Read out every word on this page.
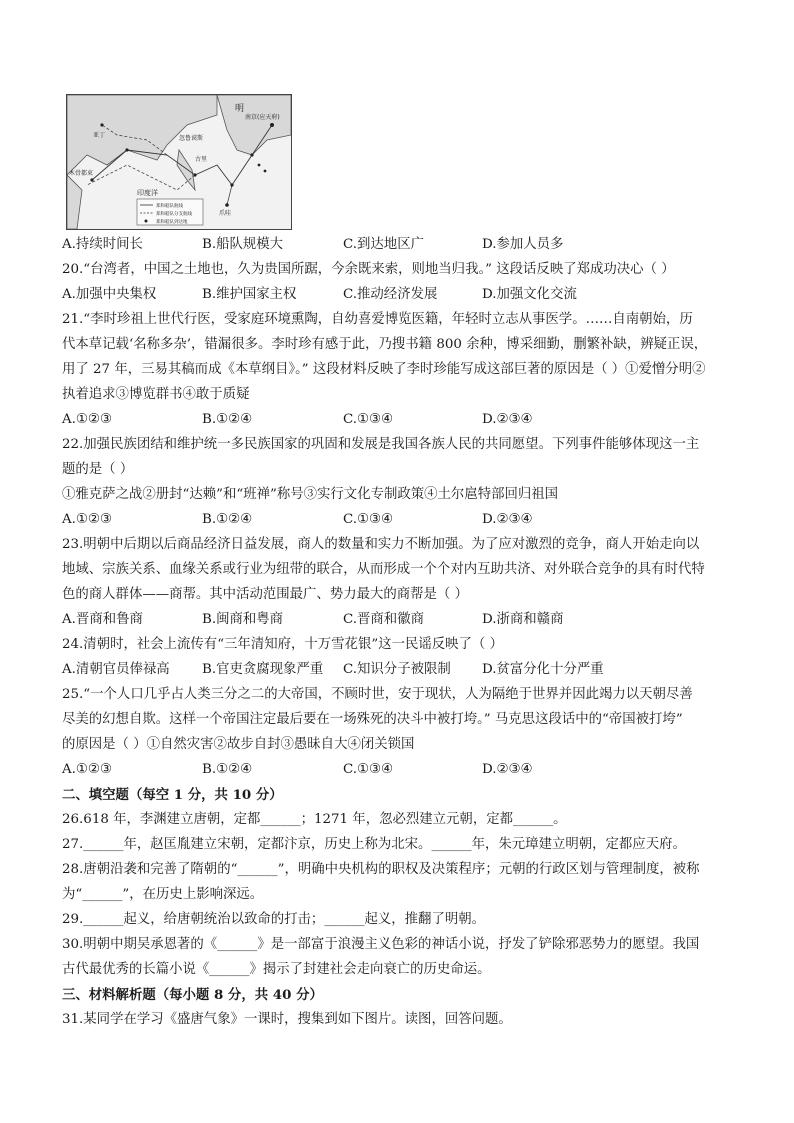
明
南京(应天府)
忽鲁谟斯
亚丁
木骨都束
古里
印度洋
爪哇
郑和船队航线
郑和船队分支航线
郑和船队到达地
A.持续时间长	B.船队规模大	C.到达地区广	D.参加人员多
20.“台湾者，中国之土地也，久为贵国所踞，今余既来索，则地当归我。” 这段话反映了郑成功决心（ ）
A.加强中央集权	B.维护国家主权	C.推动经济发展	D.加强文化交流
21.“李时珍祖上世代行医，受家庭环境熏陶，自幼喜爱博览医籍，年轻时立志从事医学。……自南朝始，历
代本草记载‘名称多杂’，错漏很多。李时珍有感于此，乃搜书籍 800 余种，博采细勤，删繁补缺，辨疑正误，
用了 27 年，三易其稿而成《本草纲目》。” 这段材料反映了李时珍能写成这部巨著的原因是（ ）①爱憎分明②
执着追求③博览群书④敢于质疑
A.①②③	B.①②④	C.①③④	D.②③④
22.加强民族团结和维护统一多民族国家的巩固和发展是我国各族人民的共同愿望。下列事件能够体现这一主
题的是（ ）
①雅克萨之战②册封“达赖”和“班禅”称号③实行文化专制政策④土尔扈特部回归祖国
A.①②③	B.①②④	C.①③④	D.②③④
23.明朝中后期以后商品经济日益发展，商人的数量和实力不断加强。为了应对激烈的竞争，商人开始走向以
地域、宗族关系、血缘关系或行业为纽带的联合，从而形成一个个对内互助共济、对外联合竞争的具有时代特
色的商人群体——商帮。其中活动范围最广、势力最大的商帮是（ ）
A.晋商和鲁商	B.闽商和粤商	C.晋商和徽商	D.浙商和赣商
24.清朝时，社会上流传有“三年清知府，十万雪花银”这一民谣反映了（ ）
A.清朝官员俸禄高 B.官吏贪腐现象严重 C.知识分子被限制 D.贫富分化十分严重
25.“一个人口几乎占人类三分之二的大帝国，不顾时世，安于现状，人为隔绝于世界并因此竭力以天朝尽善
尽美的幻想自欺。这样一个帝国注定最后要在一场殊死的决斗中被打垮。” 马克思这段话中的“帝国被打垮”
的原因是（ ）①自然灾害②故步自封③愚昧自大④闭关锁国
A.①②③	B.①②④	C.①③④	D.②③④
二、填空题（每空 1 分，共 10 分）
26.618 年，李渊建立唐朝，定都______；1271 年，忽必烈建立元朝，定都______。
27.______年，赵匡胤建立宋朝，定都汴京，历史上称为北宋。______年，朱元璋建立明朝，定都应天府。
28.唐朝沿袭和完善了隋朝的“______”，明确中央机构的职权及决策程序；元朝的行政区划与管理制度，被称
为“______”，在历史上影响深远。
29.______起义，给唐朝统治以致命的打击；______起义，推翻了明朝。
30.明朝中期吴承恩著的《______》是一部富于浪漫主义色彩的神话小说，抒发了铲除邪恶势力的愿望。我国
古代最优秀的长篇小说《______》揭示了封建社会走向衰亡的历史命运。
三、材料解析题（每小题 8 分，共 40 分）
31.某同学在学习《盛唐气象》一课时，搜集到如下图片。读图，回答问题。
